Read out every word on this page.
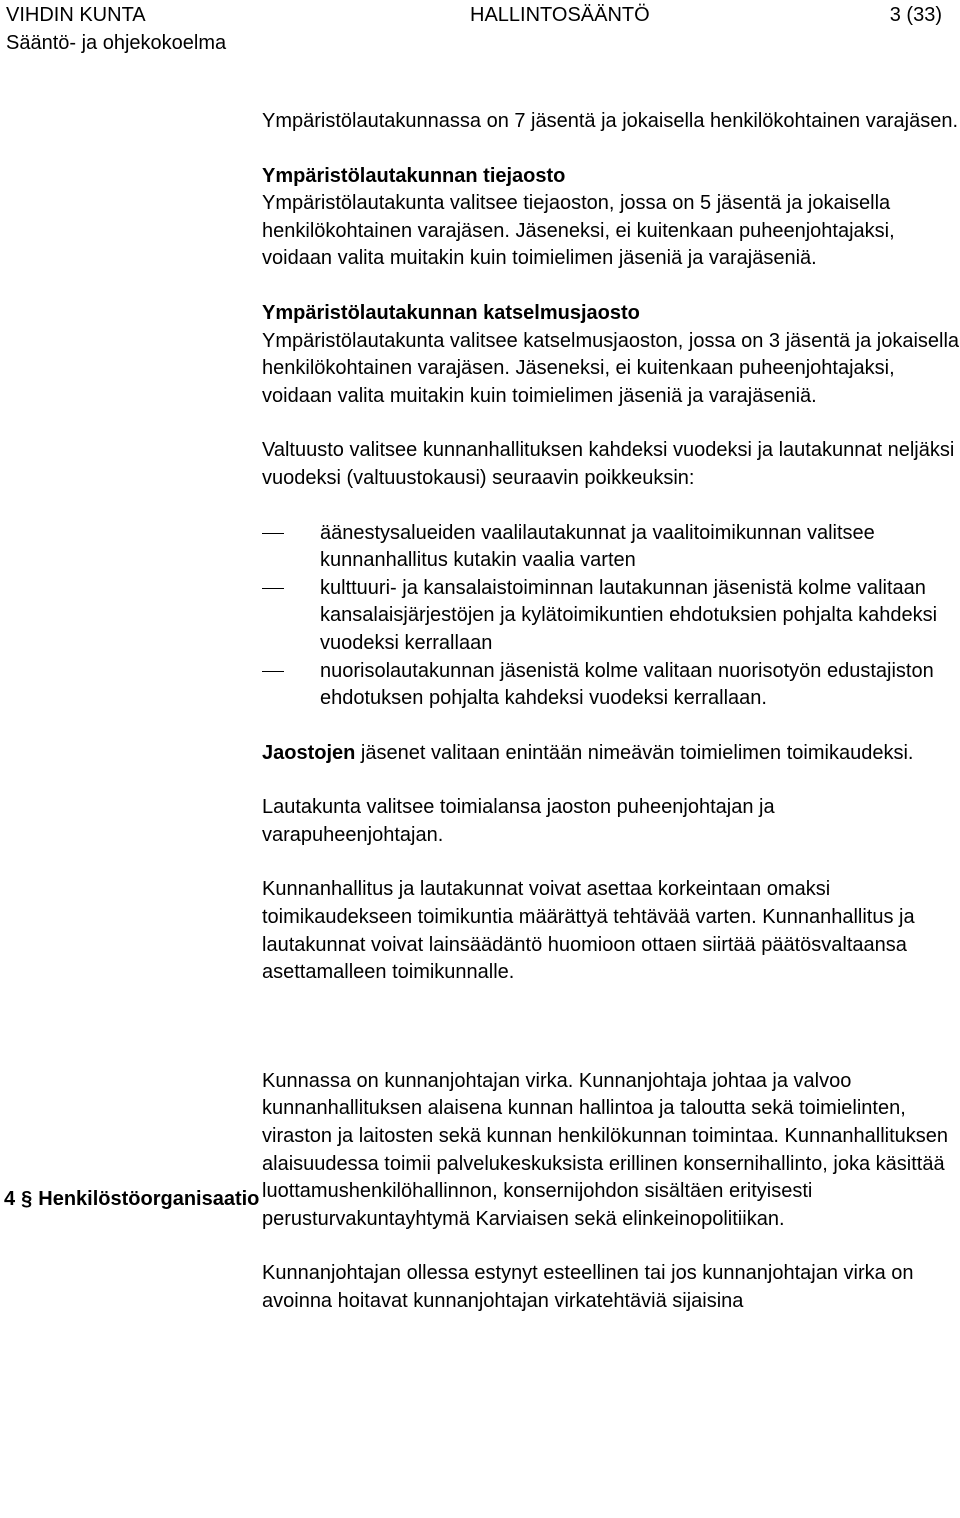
VIHDIN KUNTA
Sääntö- ja ohjekokoelma
HALLINTOSÄÄNTÖ	3 (33)
4 § Henkilöstöorganisaatio

Ympäristölautakunnassa on 7 jäsentä ja jokaisella henkilökohtainen varajäsen.

Ympäristölautakunnan tiejaosto
Ympäristölautakunta valitsee tiejaoston, jossa on 5 jäsentä ja jokaisella henkilökohtainen varajäsen. Jäseneksi, ei kuitenkaan puheenjohtajaksi, voidaan valita muitakin kuin toimielimen jäseniä ja varajäseniä.
Ympäristölautakunnan katselmusjaosto
Ympäristölautakunta valitsee katselmusjaoston, jossa on 3 jäsentä ja jokaisella henkilökohtainen varajäsen. Jäseneksi, ei kuitenkaan puheenjohtajaksi, voidaan valita muitakin kuin toimielimen jäseniä ja varajäseniä.

Valtuusto valitsee kunnanhallituksen kahdeksi vuodeksi ja lautakunnat neljäksi vuodeksi (valtuustokausi) seuraavin poikkeuksin:

äänestysalueiden vaalilautakunnat ja vaalitoimikunnan valitsee kunnanhallitus kutakin vaalia varten
kulttuuri- ja kansalaistoiminnan lautakunnan jäsenistä kolme valitaan kansalaisjärjestöjen ja kylätoimikuntien ehdotuksien pohjalta kahdeksi vuodeksi kerrallaan
nuorisolautakunnan jäsenistä kolme valitaan nuorisotyön edustajiston ehdotuksen pohjalta kahdeksi vuodeksi kerrallaan.

Jaostojen jäsenet valitaan enintään nimeävän toimielimen toimikaudeksi.

Lautakunta valitsee toimialansa jaoston puheenjohtajan ja varapuheenjohtajan.

Kunnanhallitus ja lautakunnat voivat asettaa korkeintaan omaksi toimikaudekseen toimikuntia määrättyä tehtävää varten. Kunnanhallitus ja lautakunnat voivat lainsäädäntö huomioon ottaen siirtää päätösvaltaansa asettamalleen toimikunnalle.

Kunnassa on kunnanjohtajan virka. Kunnanjohtaja johtaa ja valvoo kunnanhallituksen alaisena kunnan hallintoa ja taloutta sekä toimielinten, viraston ja laitosten sekä kunnan henkilökunnan toimintaa. Kunnanhallituksen alaisuudessa toimii palvelukeskuksista erillinen konsernihallinto, joka käsittää luottamushenkilöhallinnon, konsernijohdon sisältäen erityisesti perusturvakuntayhtymä Karviaisen sekä elinkeinopolitiikan.

Kunnanjohtajan ollessa estynyt esteellinen tai jos kunnanjohtajan virka on avoinna hoitavat kunnanjohtajan virkatehtäviä sijaisina
